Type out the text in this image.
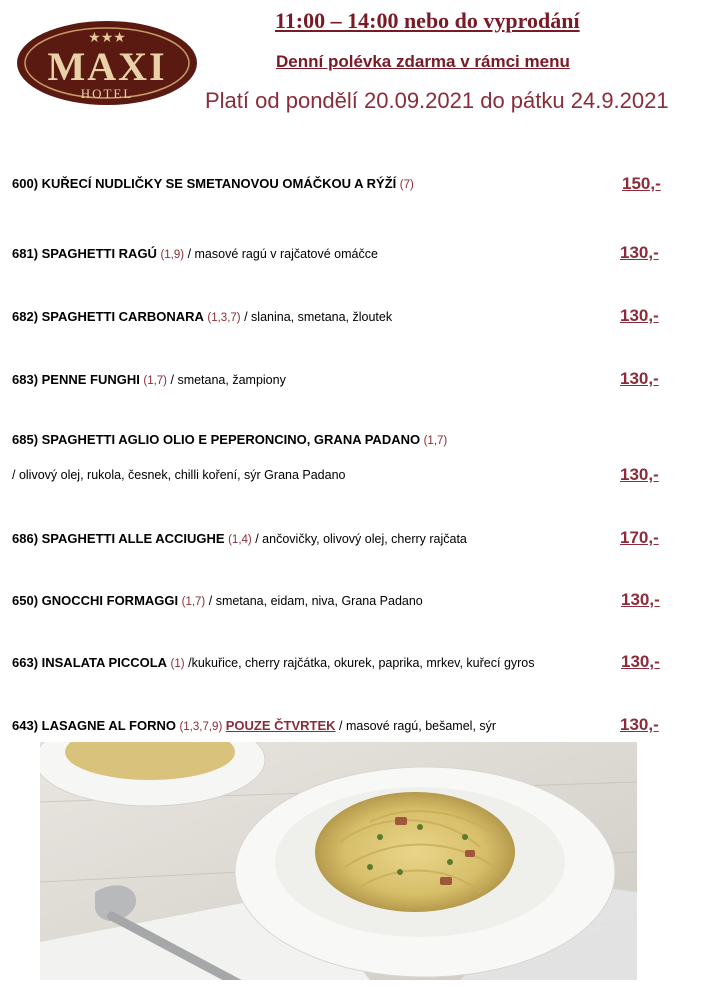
★★★
MAXI
HOTEL
11:00 – 14:00 nebo do vyprodání
Denní polévka zdarma v rámci menu
Platí od pondělí 20.09.2021 do pátku 24.9.2021
600) KUŘECÍ NUDLIČKY SE SMETANOVOU OMÁČKOU A RÝŽÍ (7)	150,-
681) SPAGHETTI RAGÚ (1,9) / masové ragú v rajčatové omáčce	130,-
682) SPAGHETTI CARBONARA (1,3,7) / slanina, smetana, žloutek	130,-
683) PENNE FUNGHI (1,7) / smetana, žampiony	130,-
685) SPAGHETTI AGLIO OLIO E PEPERONCINO, GRANA PADANO (1,7)
/ olivový olej, rukola, česnek, chilli koření, sýr Grana Padano	130,-
686) SPAGHETTI ALLE ACCIUGHE (1,4) / ančovičky, olivový olej, cherry rajčata	170,-
650) GNOCCHI FORMAGGI (1,7) / smetana, eidam, niva, Grana Padano	130,-
663) INSALATA PICCOLA (1) /kukuřice, cherry rajčátka, okurek, paprika, mrkev, kuřecí gyros	130,-
643) LASAGNE AL FORNO (1,3,7,9) POUZE ČTVRTEK / masové ragú, bešamel, sýr	130,-
